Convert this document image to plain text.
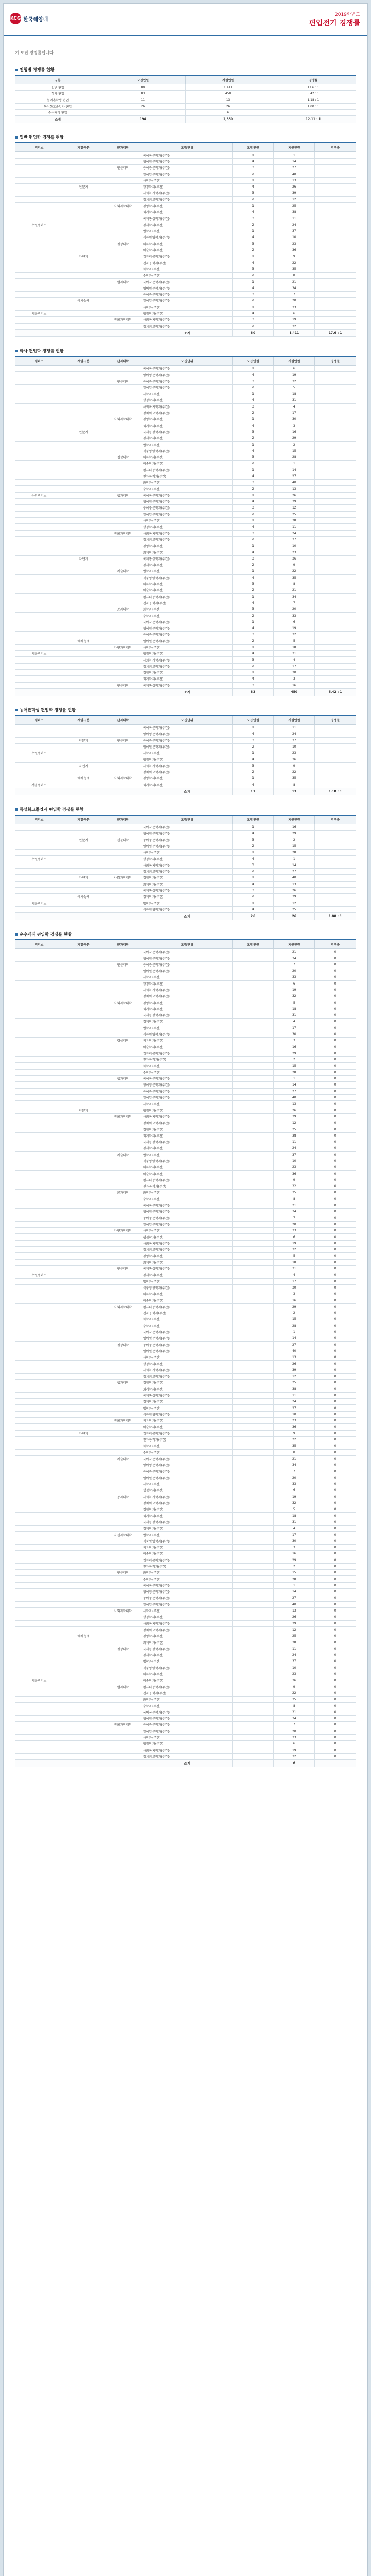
KCG 한국해양대
2019학년도
편입전기 경쟁률
기 모집 경쟁률입니다.
전형별 경쟁률 현황
구분	모집인원	지원인원	경쟁률
일반 편입	80	1,411	17.6 : 1
학사 편입	83	450	5.42 : 1
농어촌학생 편입	11	13	1.18 : 1
특성화고졸업자 편입	26	26	1.00 : 1
순수재직 편입		6	
소계	194	2,350	12.11 : 1
일반 편입학 경쟁률 현황
캠퍼스	계열구분	단과대학	모집단위	모집인원	지원인원	경쟁률
			국어국문학과(주간)	1	1	
			영어영문학과(주간)	4	14	
		인문대학	중어중문학과(주간)	3	27	
			일어일문학과(주간)	2	40	
			사학과(주간)	1	13	
	인문계		행정학과(주간)	4	26	
			사회복지학과(주간)	3	39	
			정치외교학과(주간)	2	12	
		사회과학대학	경영학과(주간)	1	25	
			회계학과(주간)	4	38	
			국제통상학과(주간)	3	11	
수원캠퍼스			경제학과(주간)	2	24	
			법학과(주간)	1	37	
			식품영양학과(주간)	4	10	
		경상대학	의류학과(주간)	3	23	
			미술학과(주간)	2	36	
	자연계		컴퓨터공학과(주간)	1	9	
			전자공학과(주간)	4	22	
			화학과(주간)	3	35	
			수학과(주간)	2	8	
		법과대학	국어국문학과(주간)	1	21	
			영어영문학과(주간)	4	34	
			중어중문학과(주간)	3	7	
	예체능계		일어일문학과(주간)	2	20	
			사학과(주간)	1	33	
서울캠퍼스			행정학과(주간)	4	6	
		생활과학대학	사회복지학과(주간)	3	19	
			정치외교학과(주간)	2	32	
			소계	80	1,411	17.6 : 1
학사 편입학 경쟁률 현황
캠퍼스	계열구분	단과대학	모집단위	모집인원	지원인원	경쟁률
			국어국문학과(주간)	1	6	
			영어영문학과(주간)	4	19	
		인문대학	중어중문학과(주간)	3	32	
			일어일문학과(주간)	2	5	
			사학과(주간)	1	18	
			행정학과(주간)	4	31	
			사회복지학과(주간)	3	4	
			정치외교학과(주간)	2	17	
		사회과학대학	경영학과(주간)	1	30	
			회계학과(주간)	4	3	
	인문계		국제통상학과(주간)	3	16	
			경제학과(주간)	2	29	
			법학과(주간)	1	2	
			식품영양학과(주간)	4	15	
		경상대학	의류학과(주간)	3	28	
			미술학과(주간)	2	1	
			컴퓨터공학과(주간)	1	14	
			전자공학과(주간)	4	27	
			화학과(주간)	3	40	
			수학과(주간)	2	13	
수원캠퍼스		법과대학	국어국문학과(주간)	1	26	
			영어영문학과(주간)	4	39	
			중어중문학과(주간)	3	12	
			일어일문학과(주간)	2	25	
			사학과(주간)	1	38	
			행정학과(주간)	4	11	
		생활과학대학	사회복지학과(주간)	3	24	
			정치외교학과(주간)	2	37	
			경영학과(주간)	1	10	
			회계학과(주간)	4	23	
	자연계		국제통상학과(주간)	3	36	
			경제학과(주간)	2	9	
		예술대학	법학과(주간)	1	22	
			식품영양학과(주간)	4	35	
			의류학과(주간)	3	8	
			미술학과(주간)	2	21	
			컴퓨터공학과(주간)	1	34	
			전자공학과(주간)	4	7	
		공과대학	화학과(주간)	3	20	
			수학과(주간)	2	33	
			국어국문학과(주간)	1	6	
			영어영문학과(주간)	4	19	
			중어중문학과(주간)	3	32	
	예체능계		일어일문학과(주간)	2	5	
		자연과학대학	사학과(주간)	1	18	
서울캠퍼스			행정학과(주간)	4	31	
			사회복지학과(주간)	3	4	
			정치외교학과(주간)	2	17	
			경영학과(주간)	1	30	
			회계학과(주간)	4	3	
		인문대학	국제통상학과(주간)	3	16	
			소계	83	450	5.42 : 1
농어촌학생 편입학 경쟁률 현황
캠퍼스	계열구분	단과대학	모집단위	모집인원	지원인원	경쟁률
			국어국문학과(주간)	1	11	
			영어영문학과(주간)	4	24	
	인문계	인문대학	중어중문학과(주간)	3	37	
			일어일문학과(주간)	2	10	
수원캠퍼스			사학과(주간)	1	23	
			행정학과(주간)	4	36	
	자연계		사회복지학과(주간)	3	9	
			정치외교학과(주간)	2	22	
	예체능계	사회과학대학	경영학과(주간)	1	35	
서울캠퍼스			회계학과(주간)	4	8	
			소계	11	13	1.18 : 1
특성화고졸업자 편입학 경쟁률 현황
캠퍼스	계열구분	단과대학	모집단위	모집인원	지원인원	경쟁률
			국어국문학과(주간)	1	16	
			영어영문학과(주간)	4	29	
	인문계	인문대학	중어중문학과(주간)	3	2	
			일어일문학과(주간)	2	15	
			사학과(주간)	1	28	
수원캠퍼스			행정학과(주간)	4	1	
			사회복지학과(주간)	3	14	
			정치외교학과(주간)	2	27	
	자연계	사회과학대학	경영학과(주간)	1	40	
			회계학과(주간)	4	13	
			국제통상학과(주간)	3	26	
	예체능계		경제학과(주간)	2	39	
서울캠퍼스			법학과(주간)	1	12	
			식품영양학과(주간)	4	25	
			소계	26	26	1.00 : 1
순수재직 편입학 경쟁률 현황
캠퍼스	계열구분	단과대학	모집단위	모집인원	지원인원	경쟁률
			국어국문학과(주간)		21	0
			영어영문학과(주간)		34	0
		인문대학	중어중문학과(주간)		7	0
			일어일문학과(주간)		20	0
			사학과(주간)		33	0
			행정학과(주간)		6	0
			사회복지학과(주간)		19	0
			정치외교학과(주간)		32	0
		사회과학대학	경영학과(주간)		5	0
			회계학과(주간)		18	0
			국제통상학과(주간)		31	0
			경제학과(주간)		4	0
			법학과(주간)		17	0
			식품영양학과(주간)		30	0
		경상대학	의류학과(주간)		3	0
			미술학과(주간)		16	0
			컴퓨터공학과(주간)		29	0
			전자공학과(주간)		2	0
			화학과(주간)		15	0
			수학과(주간)		28	0
		법과대학	국어국문학과(주간)		1	0
			영어영문학과(주간)		14	0
			중어중문학과(주간)		27	0
			일어일문학과(주간)		40	0
			사학과(주간)		13	0
	인문계		행정학과(주간)		26	0
		생활과학대학	사회복지학과(주간)		39	0
			정치외교학과(주간)		12	0
			경영학과(주간)		25	0
			회계학과(주간)		38	0
			국제통상학과(주간)		11	0
			경제학과(주간)		24	0
		예술대학	법학과(주간)		37	0
			식품영양학과(주간)		10	0
			의류학과(주간)		23	0
			미술학과(주간)		36	0
			컴퓨터공학과(주간)		9	0
			전자공학과(주간)		22	0
		공과대학	화학과(주간)		35	0
			수학과(주간)		8	0
			국어국문학과(주간)		21	0
			영어영문학과(주간)		34	0
			중어중문학과(주간)		7	0
			일어일문학과(주간)		20	0
		자연과학대학	사학과(주간)		33	0
			행정학과(주간)		6	0
			사회복지학과(주간)		19	0
			정치외교학과(주간)		32	0
			경영학과(주간)		5	0
			회계학과(주간)		18	0
		인문대학	국제통상학과(주간)		31	0
수원캠퍼스			경제학과(주간)		4	0
			법학과(주간)		17	0
			식품영양학과(주간)		30	0
			의류학과(주간)		3	0
			미술학과(주간)		16	0
		사회과학대학	컴퓨터공학과(주간)		29	0
			전자공학과(주간)		2	0
			화학과(주간)		15	0
			수학과(주간)		28	0
			국어국문학과(주간)		1	0
			영어영문학과(주간)		14	0
		경상대학	중어중문학과(주간)		27	0
			일어일문학과(주간)		40	0
			사학과(주간)		13	0
			행정학과(주간)		26	0
			사회복지학과(주간)		39	0
			정치외교학과(주간)		12	0
		법과대학	경영학과(주간)		25	0
			회계학과(주간)		38	0
			국제통상학과(주간)		11	0
			경제학과(주간)		24	0
			법학과(주간)		37	0
			식품영양학과(주간)		10	0
		생활과학대학	의류학과(주간)		23	0
			미술학과(주간)		36	0
	자연계		컴퓨터공학과(주간)		9	0
			전자공학과(주간)		22	0
			화학과(주간)		35	0
			수학과(주간)		8	0
		예술대학	국어국문학과(주간)		21	0
			영어영문학과(주간)		34	0
			중어중문학과(주간)		7	0
			일어일문학과(주간)		20	0
			사학과(주간)		33	0
			행정학과(주간)		6	0
		공과대학	사회복지학과(주간)		19	0
			정치외교학과(주간)		32	0
			경영학과(주간)		5	0
			회계학과(주간)		18	0
			국제통상학과(주간)		31	0
			경제학과(주간)		4	0
		자연과학대학	법학과(주간)		17	0
			식품영양학과(주간)		30	0
			의류학과(주간)		3	0
			미술학과(주간)		16	0
			컴퓨터공학과(주간)		29	0
			전자공학과(주간)		2	0
		인문대학	화학과(주간)		15	0
			수학과(주간)		28	0
			국어국문학과(주간)		1	0
			영어영문학과(주간)		14	0
			중어중문학과(주간)		27	0
			일어일문학과(주간)		40	0
		사회과학대학	사학과(주간)		13	0
			행정학과(주간)		26	0
			사회복지학과(주간)		39	0
			정치외교학과(주간)		12	0
	예체능계		경영학과(주간)		25	0
			회계학과(주간)		38	0
		경상대학	국제통상학과(주간)		11	0
			경제학과(주간)		24	0
			법학과(주간)		37	0
			식품영양학과(주간)		10	0
			의류학과(주간)		23	0
서울캠퍼스			미술학과(주간)		36	0
		법과대학	컴퓨터공학과(주간)		9	0
			전자공학과(주간)		22	0
			화학과(주간)		35	0
			수학과(주간)		8	0
			국어국문학과(주간)		21	0
			영어영문학과(주간)		34	0
		생활과학대학	중어중문학과(주간)		7	0
			일어일문학과(주간)		20	0
			사학과(주간)		33	0
			행정학과(주간)		6	0
			사회복지학과(주간)		19	0
			정치외교학과(주간)		32	0
			소계		6	
